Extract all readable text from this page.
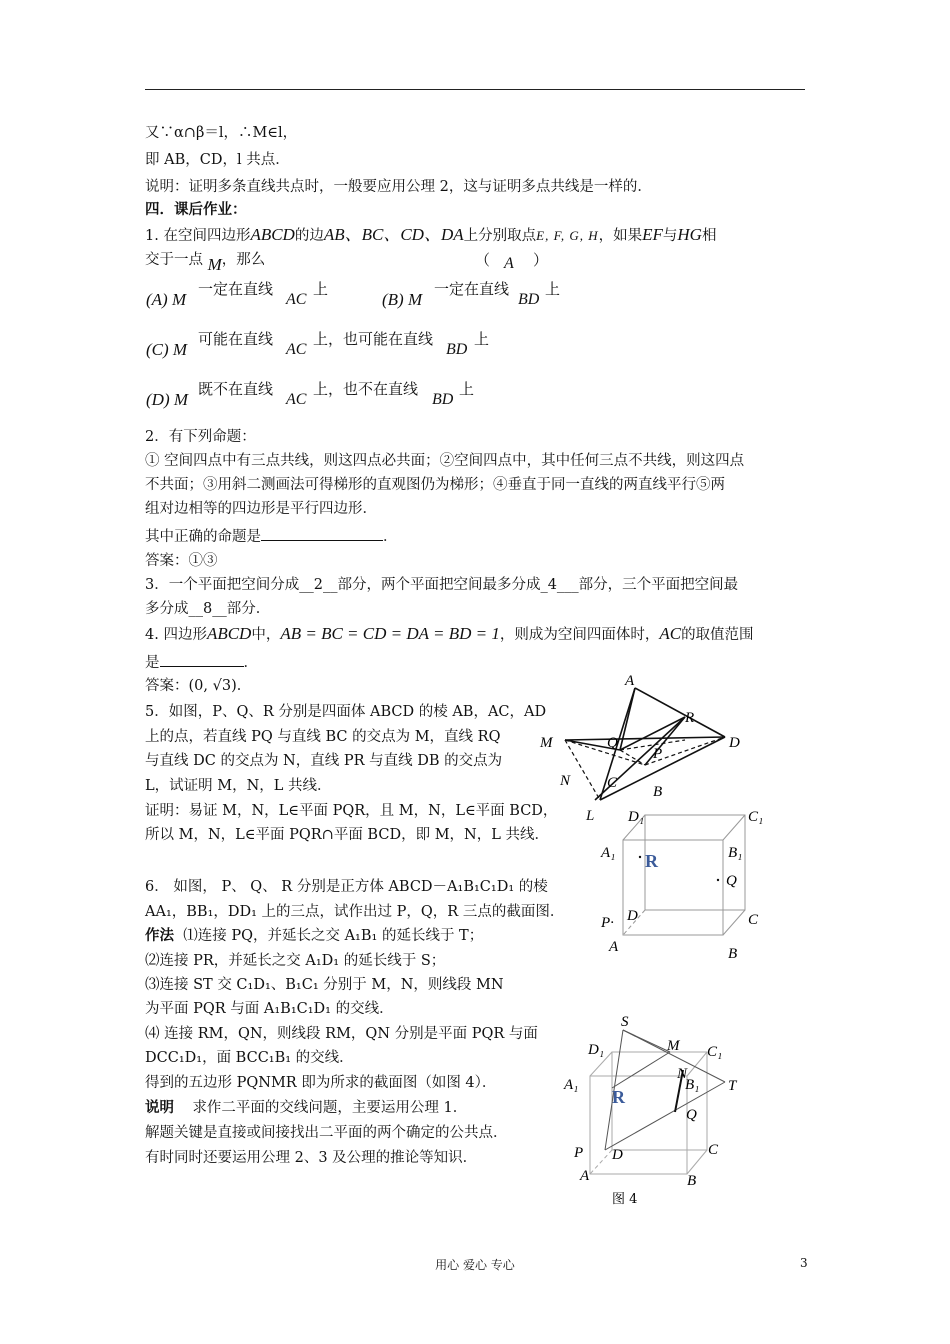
又∵α∩β＝l，∴M∈l，
即 AB，CD，l 共点．
说明：证明多条直线共点时，一般要应用公理 2，这与证明多点共线是一样的．
四．课后作业：
1. 在空间四边形ABCD的边AB、BC、CD、DA上分别取点E, F, G, H，如果EF与HG相
交于一点 M，那么	（ A ）
(A) M
一定在直线
AC
上
(B) M
一定在直线
BD
上
(C) M
可能在直线
AC
上，也可能在直线
BD
上
(D) M
既不在直线
AC
上，也不在直线
BD
上
2．有下列命题：
① 空间四点中有三点共线，则这四点必共面；②空间四点中，其中任何三点不共线，则这四点
不共面；③用斜二测画法可得梯形的直观图仍为梯形；④垂直于同一直线的两直线平行⑤两
组对边相等的四边形是平行四边形．
其中正确的命题是	．
答案：①③
3．一个平面把空间分成__2__部分，两个平面把空间最多分成_4___部分，三个平面把空间最
多分成__8__部分．
4. 四边形ABCD中，AB = BC = CD = DA = BD = 1，则成为空间四面体时，AC的取值范围
是	．
答案：(0, √3)．
5．如图，P、Q、R 分别是四面体 ABCD 的棱 AB，AC，AD
上的点，若直线 PQ 与直线 BC 的交点为 M，直线 RQ
与直线 DC 的交点为 N，直线 PR 与直线 DB 的交点为
L，试证明 M，N，L 共线．
证明：易证 M，N，L∈平面 PQR，且 M，N，L∈平面 BCD，
所以 M，N，L∈平面 PQR∩平面 BCD，即 M，N，L 共线．
6． 如图， P、 Q、 R 分别是正方体 ABCD－A₁B₁C₁D₁ 的棱
AA₁，BB₁，DD₁ 上的三点，试作出过 P，Q，R 三点的截面图．
作法 ⑴连接 PQ，并延长之交 A₁B₁ 的延长线于 T；
⑵连接 PR，并延长之交 A₁D₁ 的延长线于 S；
⑶连接 ST 交 C₁D₁、B₁C₁ 分别于 M，N，则线段 MN
为平面 PQR 与面 A₁B₁C₁D₁ 的交线．
⑷ 连接 RM，QN，则线段 RM，QN 分别是平面 PQR 与面
DCC₁D₁，面 BCC₁B₁ 的交线．
得到的五边形 PQNMR 即为所求的截面图（如图 4）．
说明 求作二平面的交线问题，主要运用公理 1．
解题关键是直接或间接找出二平面的两个确定的公共点．
有时同时还要运用公理 2、3 及公理的推论等知识．
A
R
M	Q
P
D
N C
B
L D₁	C₁
A₁ R	B₁
Q
P· D	C
A	B
S
D₁	M C₁
N
A₁	B₁ T
R
Q
P D	C
A	B
图 4
用心 爱心 专心	3
